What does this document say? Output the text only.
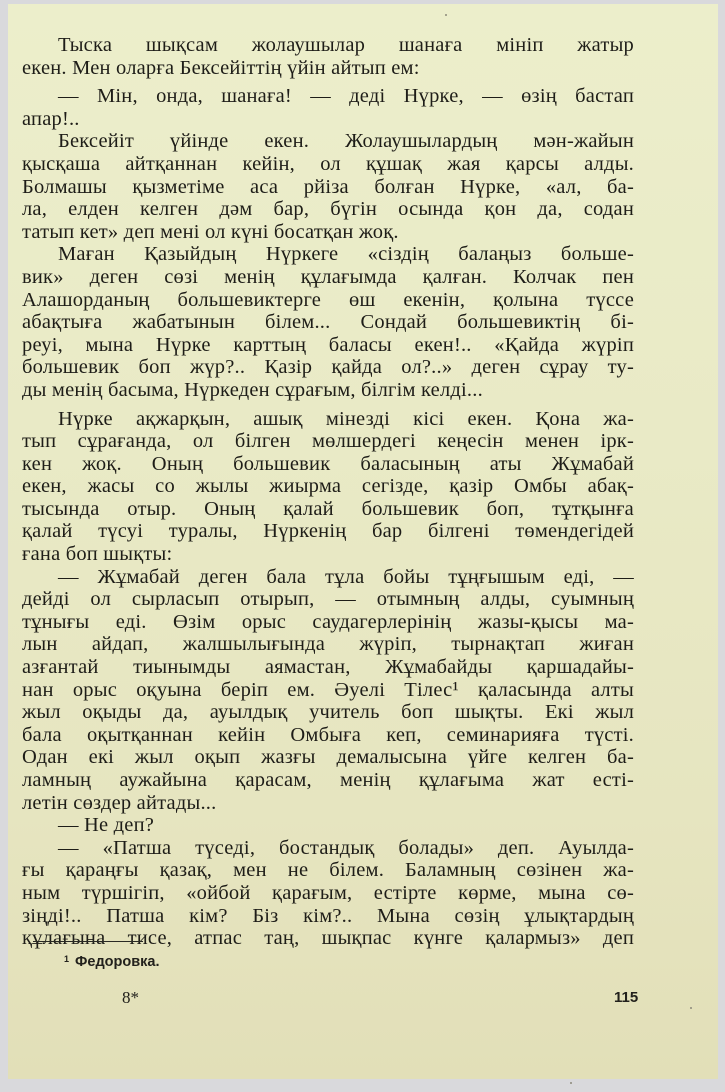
Тыска шықсам жолаушылар шанаға мініп жатыр
екен. Мен оларға Бексейіттің үйін айтып ем:
— Мін, онда, шанаға! — деді Нүрке, — өзің бастап
апар!..
Бексейіт үйінде екен. Жолаушылардың мән-жайын
қысқаша айтқаннан кейін, ол құшақ жая қарсы алды.
Болмашы қызметіме аса рйіза болған Нүрке, «ал, ба-
ла, елден келген дәм бар, бүгін осында қон да, содан
татып кет» деп мені ол күні босатқан жоқ.
Маған Қазыйдың Нүркеге «сіздің балаңыз больше-
вик» деген сөзі менің құлағымда қалған. Колчак пен
Алашорданың большевиктерге өш екенін, қолына түссе
абақтыға жабатынын білем... Сондай большевиктің бі-
реуі, мына Нүрке карттың баласы екен!.. «Қайда жүріп
большевик боп жүр?.. Қазір қайда ол?..» деген сұрау ту-
ды менің басыма, Нүркеден сұрағым, білгім келді...
Нүрке ақжарқын, ашық мінезді кісі екен. Қона жа-
тып сұрағанда, ол білген мөлшердегі кеңесін менен ірк-
кен жоқ. Оның большевик баласының аты Жұмабай
екен, жасы со жылы жиырма сегізде, қазір Омбы абақ-
тысында отыр. Оның қалай большевик боп, тұтқынға
қалай түсуі туралы, Нүркенің бар білгені төмендегідей
ғана боп шықты:
— Жұмабай деген бала тұла бойы тұңғышым еді, —
дейді ол сырласып отырып, — отымның алды, суымның
тұнығы еді. Өзім орыс саудагерлерінің жазы-қысы ма-
лын айдап, жалшылығында жүріп, тырнақтап жиған
азғантай тиынымды аямастан, Жұмабайды қаршадайы-
нан орыс оқуына беріп ем. Әуелі Тілес¹ қаласында алты
жыл оқыды да, ауылдық учитель боп шықты. Екі жыл
бала оқытқаннан кейін Омбыға кеп, семинарияға түсті.
Одан екі жыл оқып жазғы демалысына үйге келген ба-
ламның аужайына қарасам, менің құлағыма жат есті-
летін сөздер айтады...
— Не деп?
— «Патша түседі, бостандық болады» деп. Ауылда-
ғы қараңғы қазақ, мен не білем. Баламның сөзінен жа-
ным түршігіп, «ойбой қарағым, естірте көрме, мына сө-
зіңді!.. Патша кім? Біз кім?.. Мына сөзің ұлықтардың
құлағына тисе, атпас таң, шықпас күнге қалармыз» деп
$^1$ Федоровка.
8*	115
